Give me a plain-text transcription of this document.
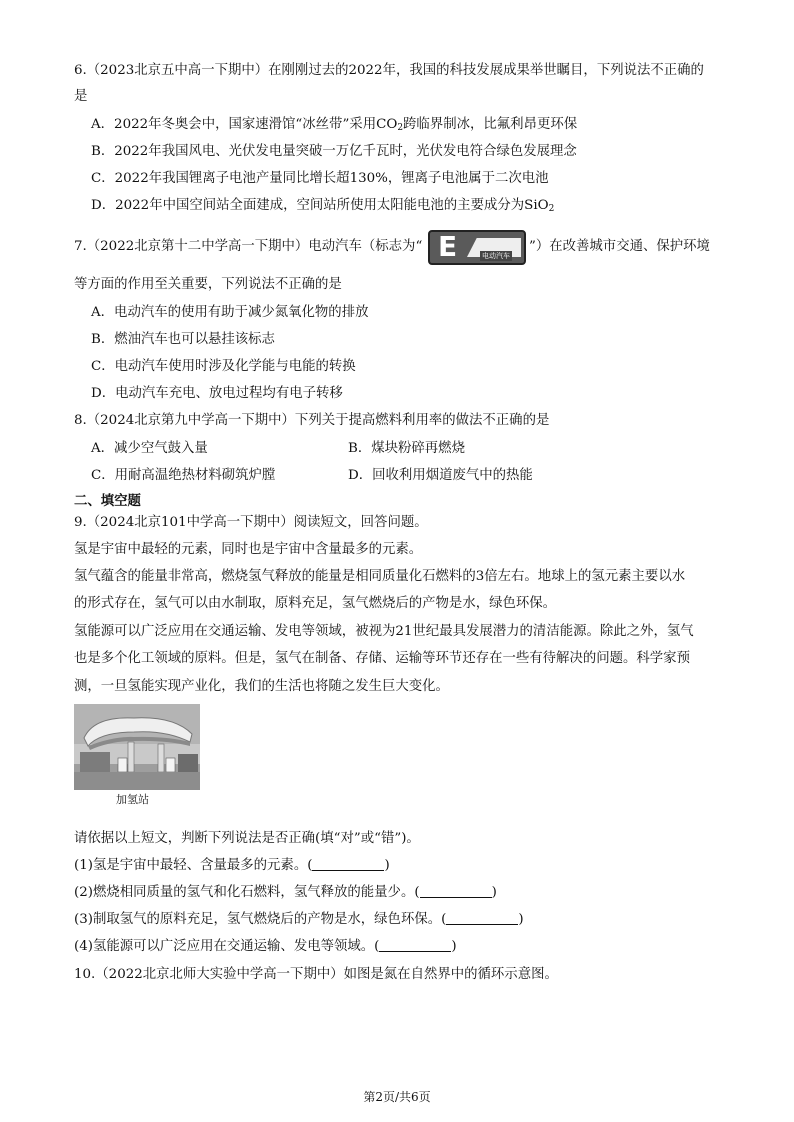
6.（2023北京五中高一下期中）在刚刚过去的2022年，我国的科技发展成果举世瞩目，下列说法不正确的
是
A．2022年冬奥会中，国家速滑馆“冰丝带”采用$CO_2$跨临界制冰，比氟利昂更环保
B．2022年我国风电、光伏发电量突破一万亿千瓦时，光伏发电符合绿色发展理念
C．2022年我国锂离子电池产量同比增长超130%，锂离子电池属于二次电池
D．2022年中国空间站全面建成，空间站所使用太阳能电池的主要成分为SiO$_2$
7.（2022北京第十二中学高一下期中）电动汽车（标志为“ E	电动汽车
”）在改善城市交通、保护环境
等方面的作用至关重要，下列说法不正确的是
A．电动汽车的使用有助于减少氮氧化物的排放
B．燃油汽车也可以悬挂该标志
C．电动汽车使用时涉及化学能与电能的转换
D．电动汽车充电、放电过程均有电子转移
8.（2024北京第九中学高一下期中）下列关于提高燃料利用率的做法不正确的是
A．减少空气鼓入量	B．煤块粉碎再燃烧
C．用耐高温绝热材料砌筑炉膛	D．回收利用烟道废气中的热能
二、填空题
9.（2024北京101中学高一下期中）阅读短文，回答问题。
氢是宇宙中最轻的元素，同时也是宇宙中含量最多的元素。
氢气蕴含的能量非常高，燃烧氢气释放的能量是相同质量化石燃料的3倍左右。地球上的氢元素主要以水
的形式存在，氢气可以由水制取，原料充足，氢气燃烧后的产物是水，绿色环保。
氢能源可以广泛应用在交通运输、发电等领域，被视为21世纪最具发展潜力的清洁能源。除此之外，氢气
也是多个化工领域的原料。但是，氢气在制备、存储、运输等环节还存在一些有待解决的问题。科学家预
测，一旦氢能实现产业化，我们的生活也将随之发生巨大变化。
加氢站
请依据以上短文，判断下列说法是否正确(填“对”或“错”)。
(1)氢是宇宙中最轻、含量最多的元素。(	)
(2)燃烧相同质量的氢气和化石燃料，氢气释放的能量少。(	)
(3)制取氢气的原料充足，氢气燃烧后的产物是水，绿色环保。(	)
(4)氢能源可以广泛应用在交通运输、发电等领域。(	)
10.（2022北京北师大实验中学高一下期中）如图是氮在自然界中的循环示意图。
第2页/共6页
